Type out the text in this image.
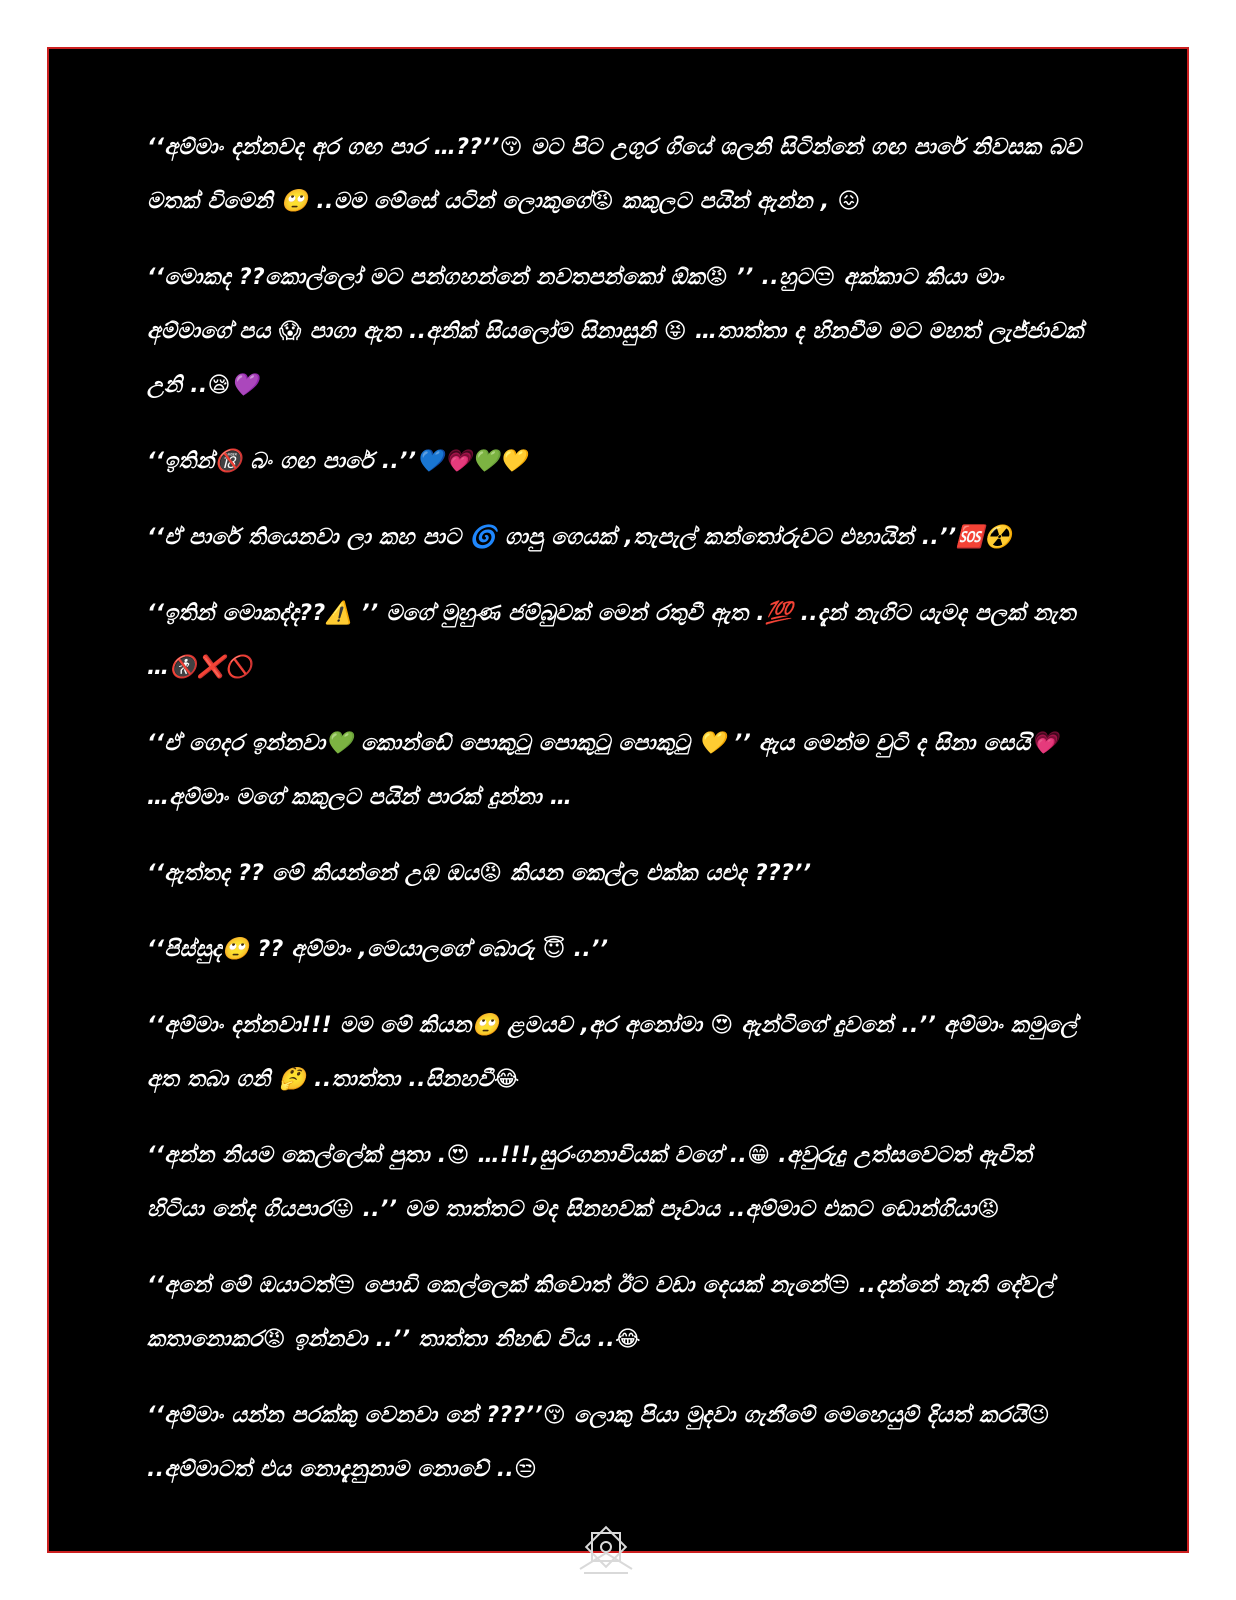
‘‘අම්මාං දන්නවද අර ගඟ පාර …??’’😚 මට පිට උගුර ගියේ ශලනි සිටින්නේ ගඟ පාරේ නිවසක බව මතක් විමෙනි 🙄 ..මම මේසේ යටින් ලොකුගේ😡 කකුලට පයින් ඇන්න , 😖

‘‘මොකද ??කොල්ලෝ මට පන්ගහන්නේ නවතපන්කෝ ඕක😡 ’’ ..හුට😒 අක්කාට කියා මාං අම්මාගේ පය 😱 පාගා ඇත ..අනික් සියලෝම සිනාසුනි 😝 …තාත්තා ද හිනවීම මට මහත් ලැජ්ජාවක් උනි ..😪💜

‘‘ඉතින්🔞 බං ගඟ පාරේ ..’’💙💗💚💛

‘‘ඒ පාරේ තියෙනවා ලා කහ පාට 🌀 ගාපු ගෙයක් ,තැපැල් කන්තෝරුවට එහායින් ..’’🆘☢️

‘‘ඉතින් මොකද්ද??⚠️ ’’ මගේ මුහුණ ජම්බුවක් මෙන් රතුවී ඇත .💯 ..දැන් නැගිට යැමද පලක් නැත …🚷❌🚫

‘‘ඒ ගෙදර ඉන්නවා💚 කොන්ඩේ පොකුටු පොකුටු පොකුටු 💛 ’’ ඇය මෙන්ම චුටි ද සිනා සෙයි💗 …අම්මාං මගේ කකුලට පයින් පාරක් දුන්නා …

‘‘ඇත්තද ?? මේ කියන්නේ උඹ ඔය😡 කියන කෙල්ල එක්ක යළුද ???’’

‘‘පිස්සුද🙄 ?? අම්මාං ,මෙයාලගේ බොරු 😇 ..’’

‘‘අම්මාං දන්නවා!!! මම මේ කියන🙄 ළමයව ,අර අනෝමා 😍 ඇන්ටිගේ දුවනේ ..’’ අම්මාං කමුලේ අත තබා ගනි 🤔 ..තාත්තා ..සිනහවී😂

‘‘අන්න නියම කෙල්ලේක් පුතා .😍 …!!!,සුරංගනාවියක් වගේ ..😁 .අවුරුදු උත්සවෙටත් ඇවිත් හිටියා නේද ගියපාර😜 ..’’ මම තාත්තට මද සිනහවක් පෑවාය ..අම්මාට එකට ඩොන්ගියා😡

‘‘අනේ මේ ඔයාටත්😒 පොඩි කෙල්ලෙක් කිවොත් ඊට වඩා දෙයක් නැනේ😒 ..දන්නේ නැති දේවල් කතානොකර😡 ඉන්නවා ..’’ තාත්තා නිහඬ විය ..😂

‘‘අම්මාං යන්න පරක්කු වෙනවා නේ ???’’😚 ලොකු පියා මුදවා ගැනීමේ මෙහෙයුම් දියත් කරයි😉 ..අම්මාටත් එය නොදැනුනාම නොවේ ..😒
